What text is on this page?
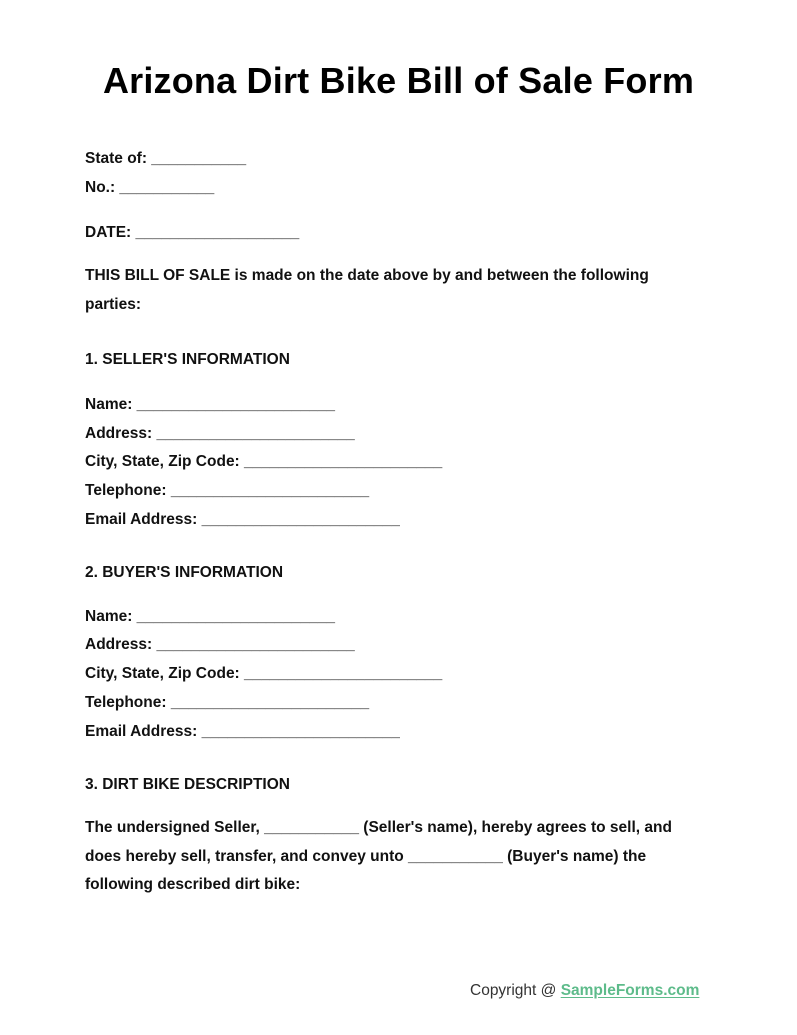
Arizona Dirt Bike Bill of Sale Form
State of: ___________
No.: ___________
DATE: ___________________
THIS BILL OF SALE is made on the date above by and between the following
parties:
1. SELLER'S INFORMATION
Name: _______________________
Address: _______________________
City, State, Zip Code: _______________________
Telephone: _______________________
Email Address: _______________________
2. BUYER'S INFORMATION
Name: _______________________
Address: _______________________
City, State, Zip Code: _______________________
Telephone: _______________________
Email Address: _______________________
3. DIRT BIKE DESCRIPTION
The undersigned Seller, ___________ (Seller's name), hereby agrees to sell, and
does hereby sell, transfer, and convey unto ___________ (Buyer's name) the
following described dirt bike:
Copyright @ SampleForms.com
